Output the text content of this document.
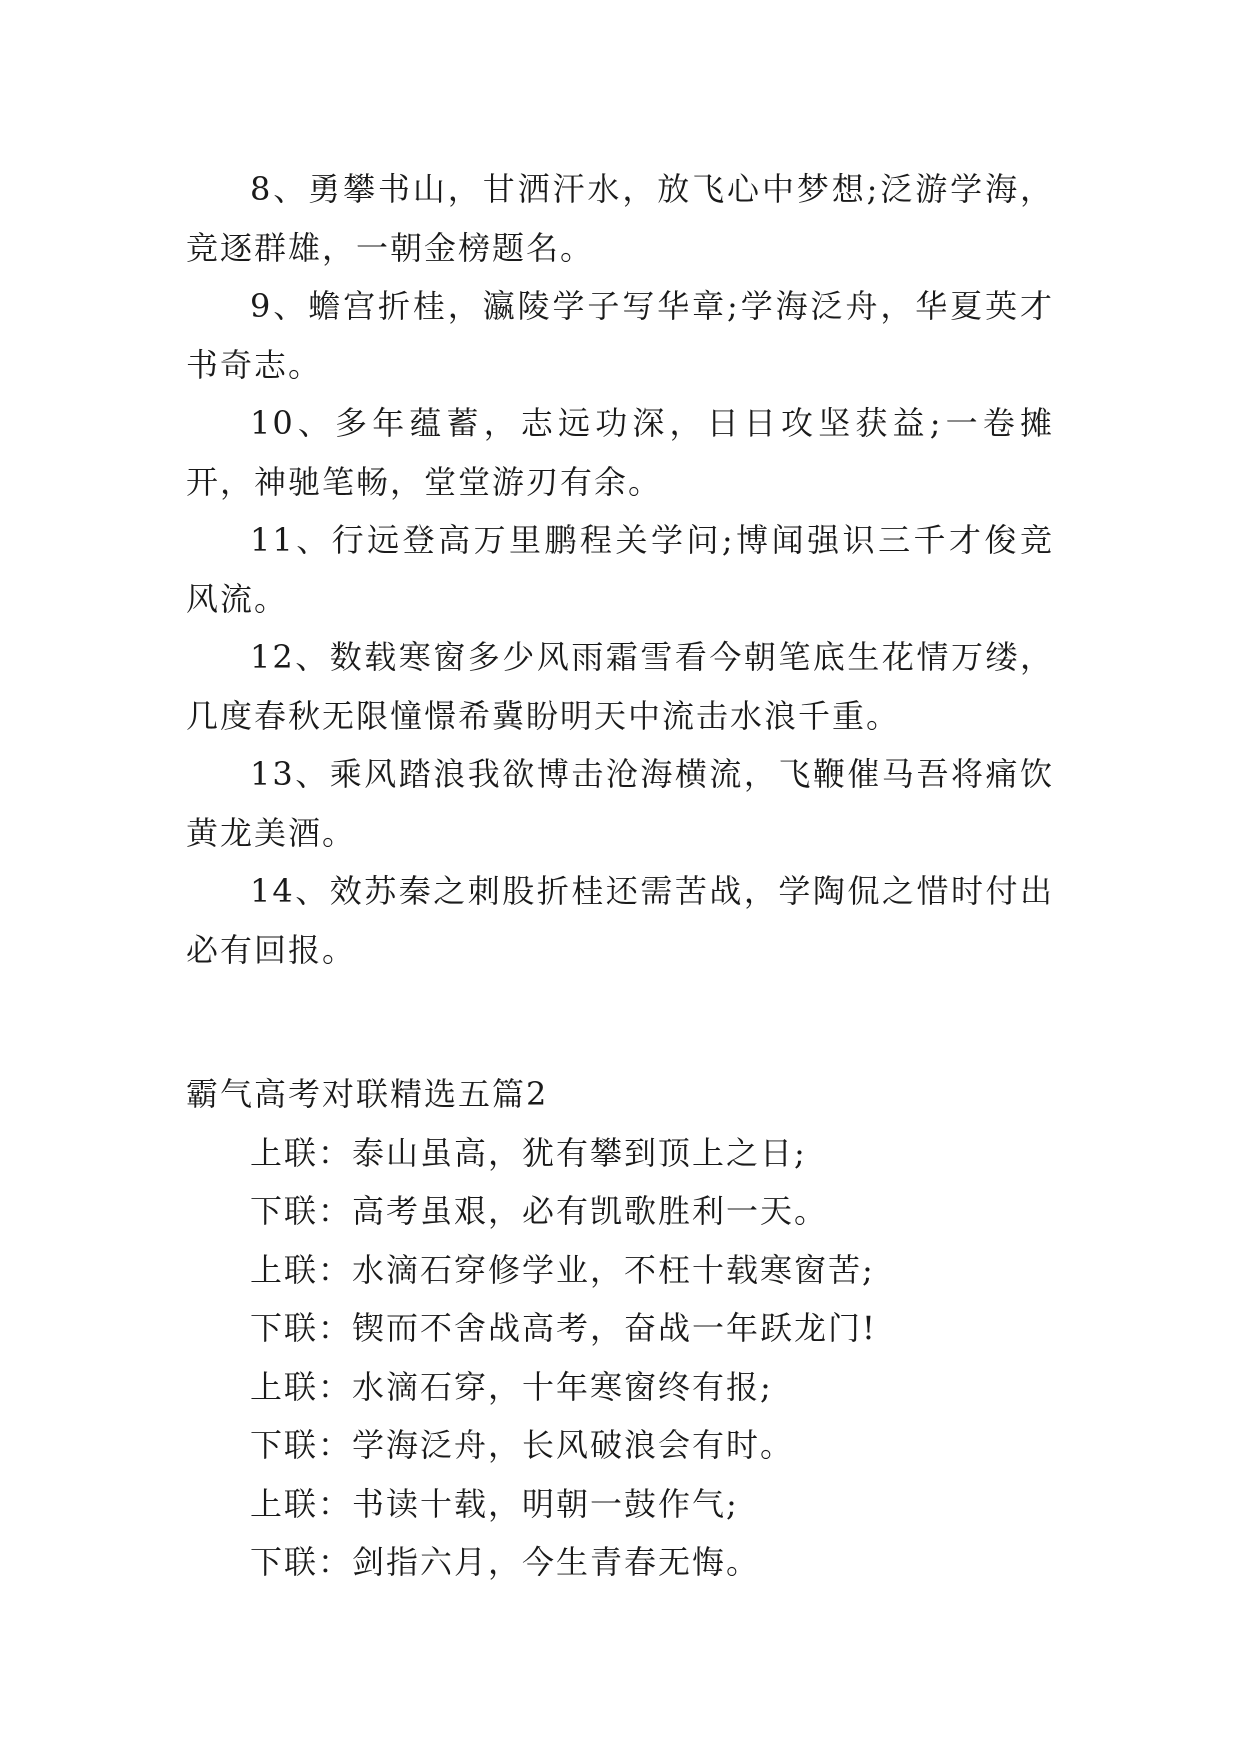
8、勇攀书山，甘洒汗水，放飞心中梦想;泛游学海，竞逐群雄，一朝金榜题名。

9、蟾宫折桂，瀛陵学子写华章;学海泛舟，华夏英才书奇志。

10、多年蕴蓄，志远功深，日日攻坚获益;一卷摊开，神驰笔畅，堂堂游刃有余。

11、行远登高万里鹏程关学问;博闻强识三千才俊竞风流。

12、数载寒窗多少风雨霜雪看今朝笔底生花情万缕，几度春秋无限憧憬希冀盼明天中流击水浪千重。

13、乘风踏浪我欲博击沧海横流，飞鞭催马吾将痛饮黄龙美酒。

14、效苏秦之刺股折桂还需苦战，学陶侃之惜时付出必有回报。

霸气高考对联精选五篇2

上联：泰山虽高，犹有攀到顶上之日;

下联：高考虽艰，必有凯歌胜利一天。

上联：水滴石穿修学业，不枉十载寒窗苦;

下联：锲而不舍战高考，奋战一年跃龙门!

上联：水滴石穿，十年寒窗终有报;

下联：学海泛舟，长风破浪会有时。

上联：书读十载，明朝一鼓作气;

下联：剑指六月，今生青春无悔。
